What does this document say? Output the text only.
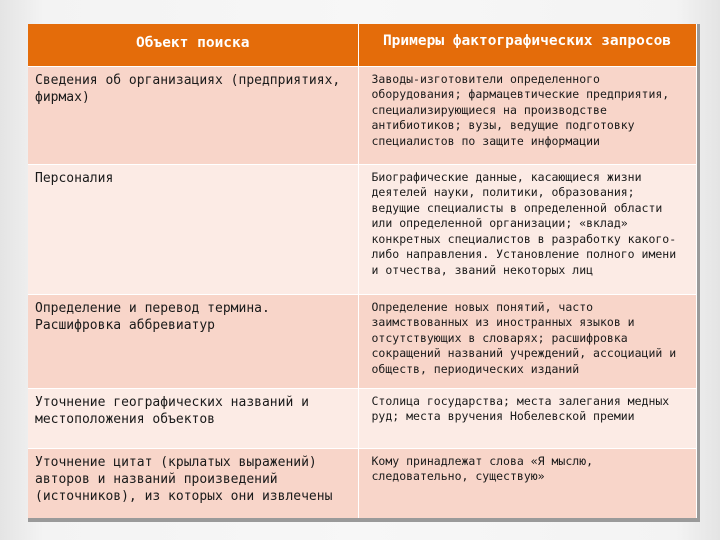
Объект поиска	Примеры фактографических запросов
Сведения об организациях (предприятиях, фирмах)	Заводы-изготовители определенного оборудования; фармацевтические предприятия, специализирующиеся на производстве антибиотиков; вузы, ведущие подготовку специалистов по защите информации
Персоналия	Биографические данные, касающиеся жизни деятелей науки, политики, образования; ведущие специалисты в определенной области или определенной организации; «вклад» конкретных специалистов в разработку какого-либо направления. Установление полного имени и отчества, званий некоторых лиц
Определение и перевод термина. Расшифровка аббревиатур	Определение новых понятий, часто заимствованных из иностранных языков и отсутствующих в словарях; расшифровка сокращений названий учреждений, ассоциаций и обществ, периодических изданий
Уточнение географических названий и местоположения объектов	Столица государства; места залегания медных руд; места вручения Нобелевской премии
Уточнение цитат (крылатых выражений) авторов и названий произведений (источников), из которых они извлечены	Кому принадлежат слова «Я мыслю, следовательно, существую»
